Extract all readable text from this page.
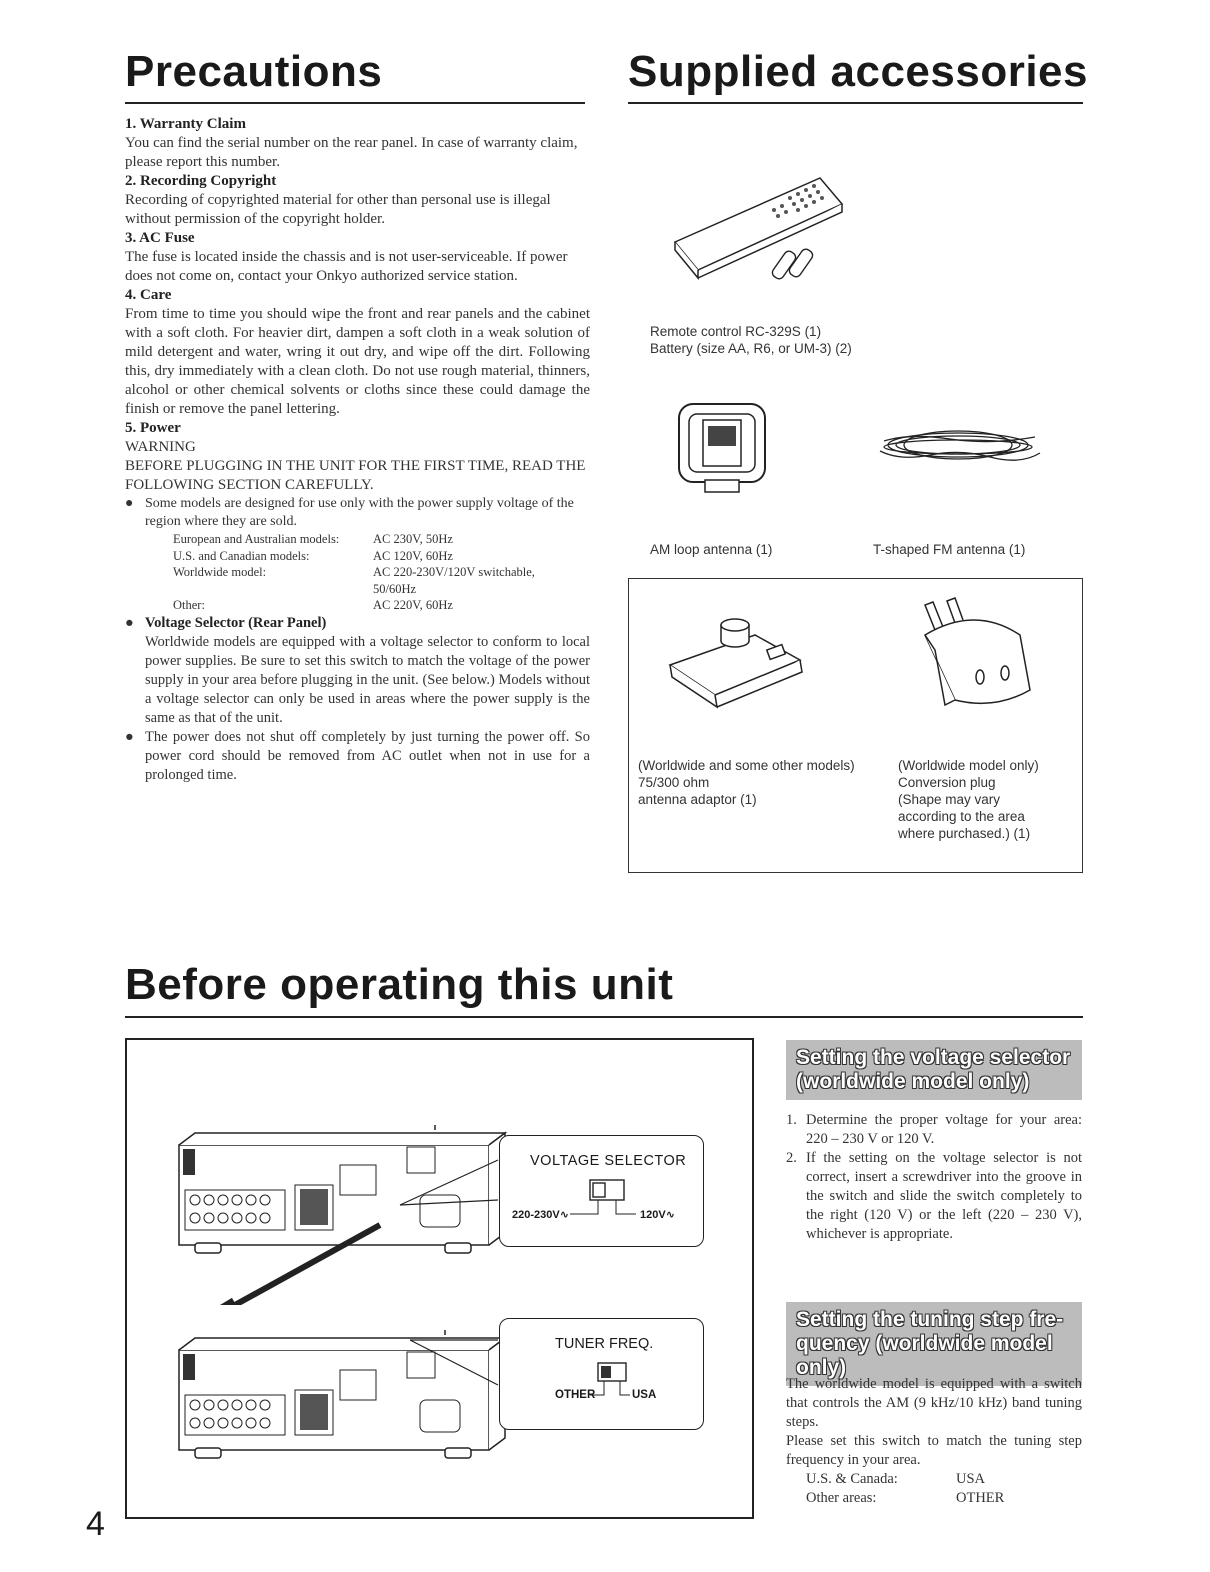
Precautions	Supplied accessories

1. Warranty Claim

You can find the serial number on the rear panel. In case of warranty claim, please report this number.

2. Recording Copyright

Recording of copyrighted material for other than personal use is illegal without permission of the copyright holder.

3. AC Fuse

The fuse is located inside the chassis and is not user-serviceable. If power does not come on, contact your Onkyo authorized service station.

4. Care

From time to time you should wipe the front and rear panels and the cabinet with a soft cloth. For heavier dirt, dampen a soft cloth in a weak solution of mild detergent and water, wring it out dry, and wipe off the dirt. Following this, dry immediately with a clean cloth. Do not use rough material, thinners, alcohol or other chemical solvents or cloths since these could damage the finish or remove the panel lettering.

5. Power

WARNING

BEFORE PLUGGING IN THE UNIT FOR THE FIRST TIME, READ THE FOLLOWING SECTION CAREFULLY.

● Some models are designed for use only with the power supply voltage of the region where they are sold.
European and Australian models:	AC 230V, 50Hz
U.S. and Canadian models:	AC 120V, 60Hz
Worldwide model:	AC 220-230V/120V switchable, 50/60Hz
Other:	AC 220V, 60Hz
● Voltage Selector (Rear Panel)
Worldwide models are equipped with a voltage selector to conform to local power supplies. Be sure to set this switch to match the voltage of the power supply in your area before plugging in the unit. (See below.) Models without a voltage selector can only be used in areas where the power supply is the same as that of the unit.
● The power does not shut off completely by just turning the power off. So power cord should be removed from AC outlet when not in use for a prolonged time.
Remote control RC-329S (1)
Battery (size AA, R6, or UM-3) (2)
AM loop antenna (1)	T-shaped FM antenna (1)
(Worldwide and some other models)
75/300 ohm
antenna adaptor (1)
(Worldwide model only)
Conversion plug
(Shape may vary
according to the area
where purchased.) (1)
Before operating this unit
VOLTAGE SELECTOR
220-230V∿	120V∿
TUNER FREQ.
OTHER	USA
Setting the voltage selector
(worldwide model only)
1. Determine the proper voltage for your area: 220 – 230 V or 120 V.
2. If the setting on the voltage selector is not correct, insert a screwdriver into the groove in the switch and slide the switch completely to the right (120 V) or the left (220 – 230 V), whichever is appropriate.
Setting the tuning step fre-
quency (worldwide model only)

The worldwide model is equipped with a switch that controls the AM (9 kHz/10 kHz) band tuning steps.

Please set this switch to match the tuning step frequency in your area.

U.S. & Canada:	USA
Other areas:	OTHER
4
